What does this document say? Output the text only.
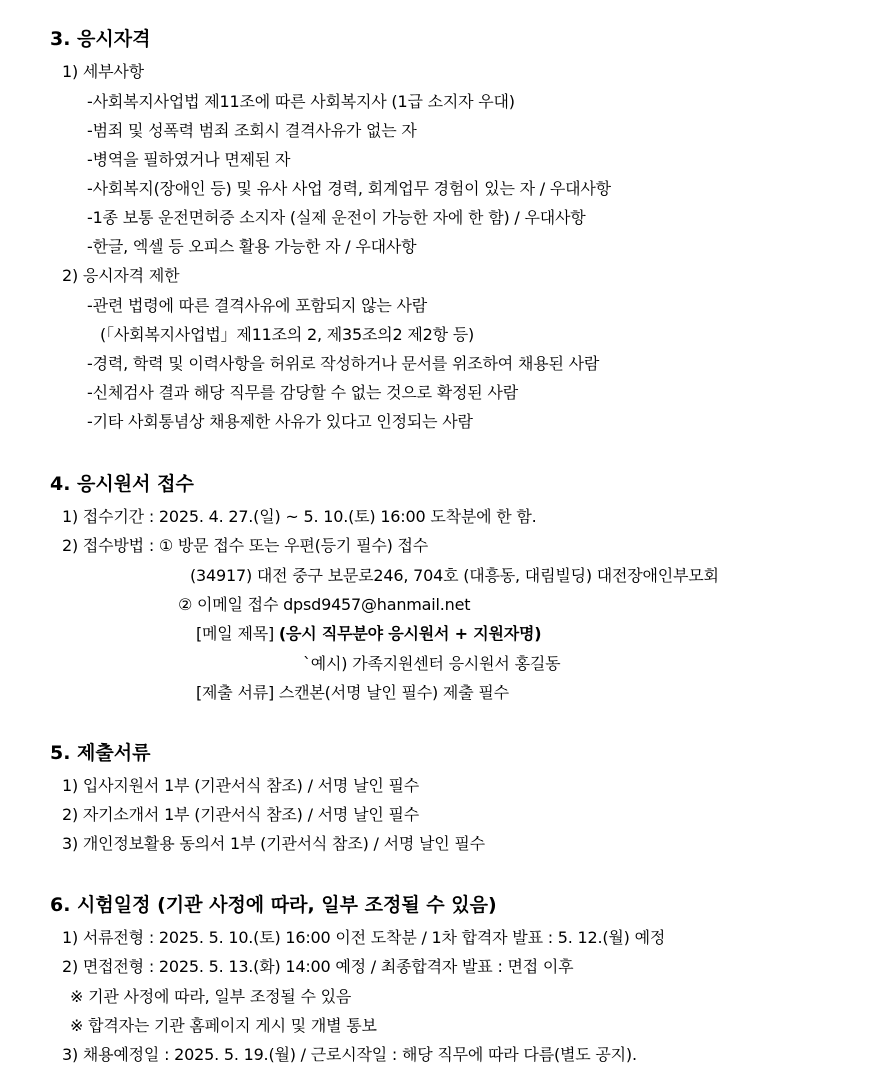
3. 응시자격
1) 세부사항
-사회복지사업법 제11조에 따른 사회복지사 (1급 소지자 우대)
-범죄 및 성폭력 범죄 조회시 결격사유가 없는 자
-병역을 필하였거나 면제된 자
-사회복지(장애인 등) 및 유사 사업 경력, 회계업무 경험이 있는 자 / 우대사항
-1종 보통 운전면허증 소지자 (실제 운전이 가능한 자에 한 함) / 우대사항
-한글, 엑셀 등 오피스 활용 가능한 자 / 우대사항
2) 응시자격 제한
-관련 법령에 따른 결격사유에 포함되지 않는 사람
(「사회복지사업법」제11조의 2, 제35조의2 제2항 등)
-경력, 학력 및 이력사항을 허위로 작성하거나 문서를 위조하여 채용된 사람
-신체검사 결과 해당 직무를 감당할 수 없는 것으로 확정된 사람
-기타 사회통념상 채용제한 사유가 있다고 인정되는 사람
4. 응시원서 접수
1) 접수기간 : 2025. 4. 27.(일) ~ 5. 10.(토) 16:00 도착분에 한 함.
2) 접수방법 : ① 방문 접수 또는 우편(등기 필수) 접수
(34917) 대전 중구 보문로246, 704호 (대흥동, 대림빌딩) 대전장애인부모회
② 이메일 접수 dpsd9457@hanmail.net
[메일 제목] (응시 직무분야 응시원서 + 지원자명)
`예시) 가족지원센터 응시원서 홍길동
[제출 서류] 스캔본(서명 날인 필수) 제출 필수
5. 제출서류
1) 입사지원서 1부 (기관서식 참조) / 서명 날인 필수
2) 자기소개서 1부 (기관서식 참조) / 서명 날인 필수
3) 개인정보활용 동의서 1부 (기관서식 참조) / 서명 날인 필수
6. 시험일정 (기관 사정에 따라, 일부 조정될 수 있음)
1) 서류전형 : 2025. 5. 10.(토) 16:00 이전 도착분 / 1차 합격자 발표 : 5. 12.(월) 예정
2) 면접전형 : 2025. 5. 13.(화) 14:00 예정 / 최종합격자 발표 : 면접 이후
※ 기관 사정에 따라, 일부 조정될 수 있음
※ 합격자는 기관 홈페이지 게시 및 개별 통보
3) 채용예정일 : 2025. 5. 19.(월) / 근로시작일 : 해당 직무에 따라 다름(별도 공지).
